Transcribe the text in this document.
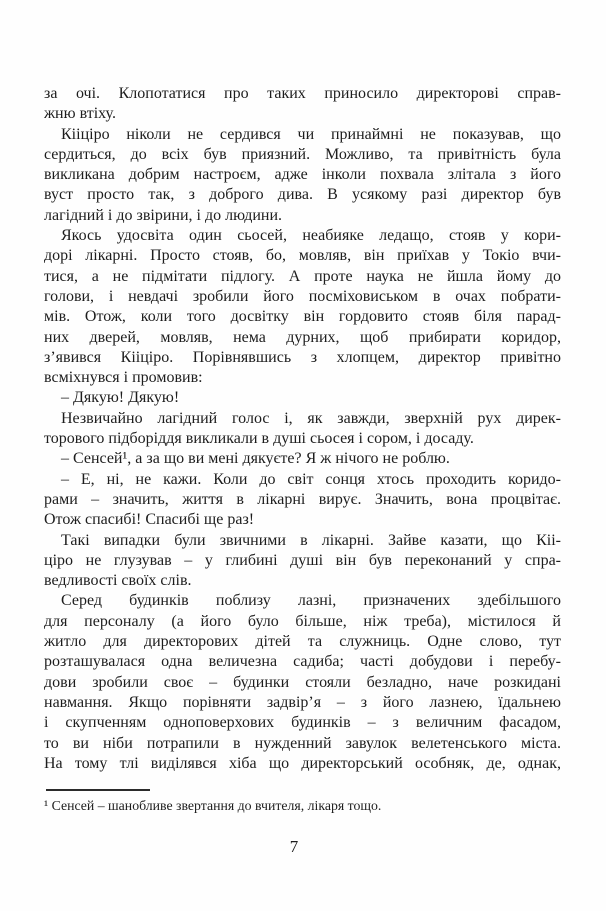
за очі. Клопотатися про таких приносило директорові справ-
жню втіху.
Кііціро ніколи не сердився чи принаймні не показував, що
сердиться, до всіх був приязний. Можливо, та привітність була
викликана добрим настроєм, адже інколи похвала злітала з його
вуст просто так, з доброго дива. В усякому разі директор був
лагідний і до звірини, і до людини.
Якось удосвіта один сьосей, неабияке ледащо, стояв у кори-
дорі лікарні. Просто стояв, бо, мовляв, він приїхав у Токіо вчи-
тися, а не підмітати підлогу. А проте наука не йшла йому до
голови, і невдачі зробили його посміховиськом в очах побрати-
мів. Отож, коли того досвітку він гордовито стояв біля парад-
них дверей, мовляв, нема дурних, щоб прибирати коридор,
з’явився Кііціро. Порівнявшись з хлопцем, директор привітно
всміхнувся і промовив:
– Дякую! Дякую!
Незвичайно лагідний голос і, як завжди, зверхній рух дирек-
торового підборіддя викликали в душі сьосея і сором, і досаду.
– Сенсей¹, а за що ви мені дякуєте? Я ж нічого не роблю.
– Е, ні, не кажи. Коли до світ сонця хтось проходить коридо-
рами – значить, життя в лікарні вирує. Значить, вона процвітає.
Отож спасибі! Спасибі ще раз!
Такі випадки були звичними в лікарні. Зайве казати, що Кіі-
ціро не глузував – у глибині душі він був переконаний у спра-
ведливості своїх слів.
Серед будинків поблизу лазні, призначених здебільшого
для персоналу (а його було більше, ніж треба), містилося й
житло для директорових дітей та служниць. Одне слово, тут
розташувалася одна величезна садиба; часті добудови і перебу-
дови зробили своє – будинки стояли безладно, наче розкидані
навмання. Якщо порівняти задвір’я – з його лазнею, їдальнею
і скупченням одноповерхових будинків – з величним фасадом,
то ви ніби потрапили в нужденний завулок велетенського міста.
На тому тлі виділявся хіба що директорський особняк, де, однак,
¹ Сенсей – шанобливе звертання до вчителя, лікаря тощо.
7
